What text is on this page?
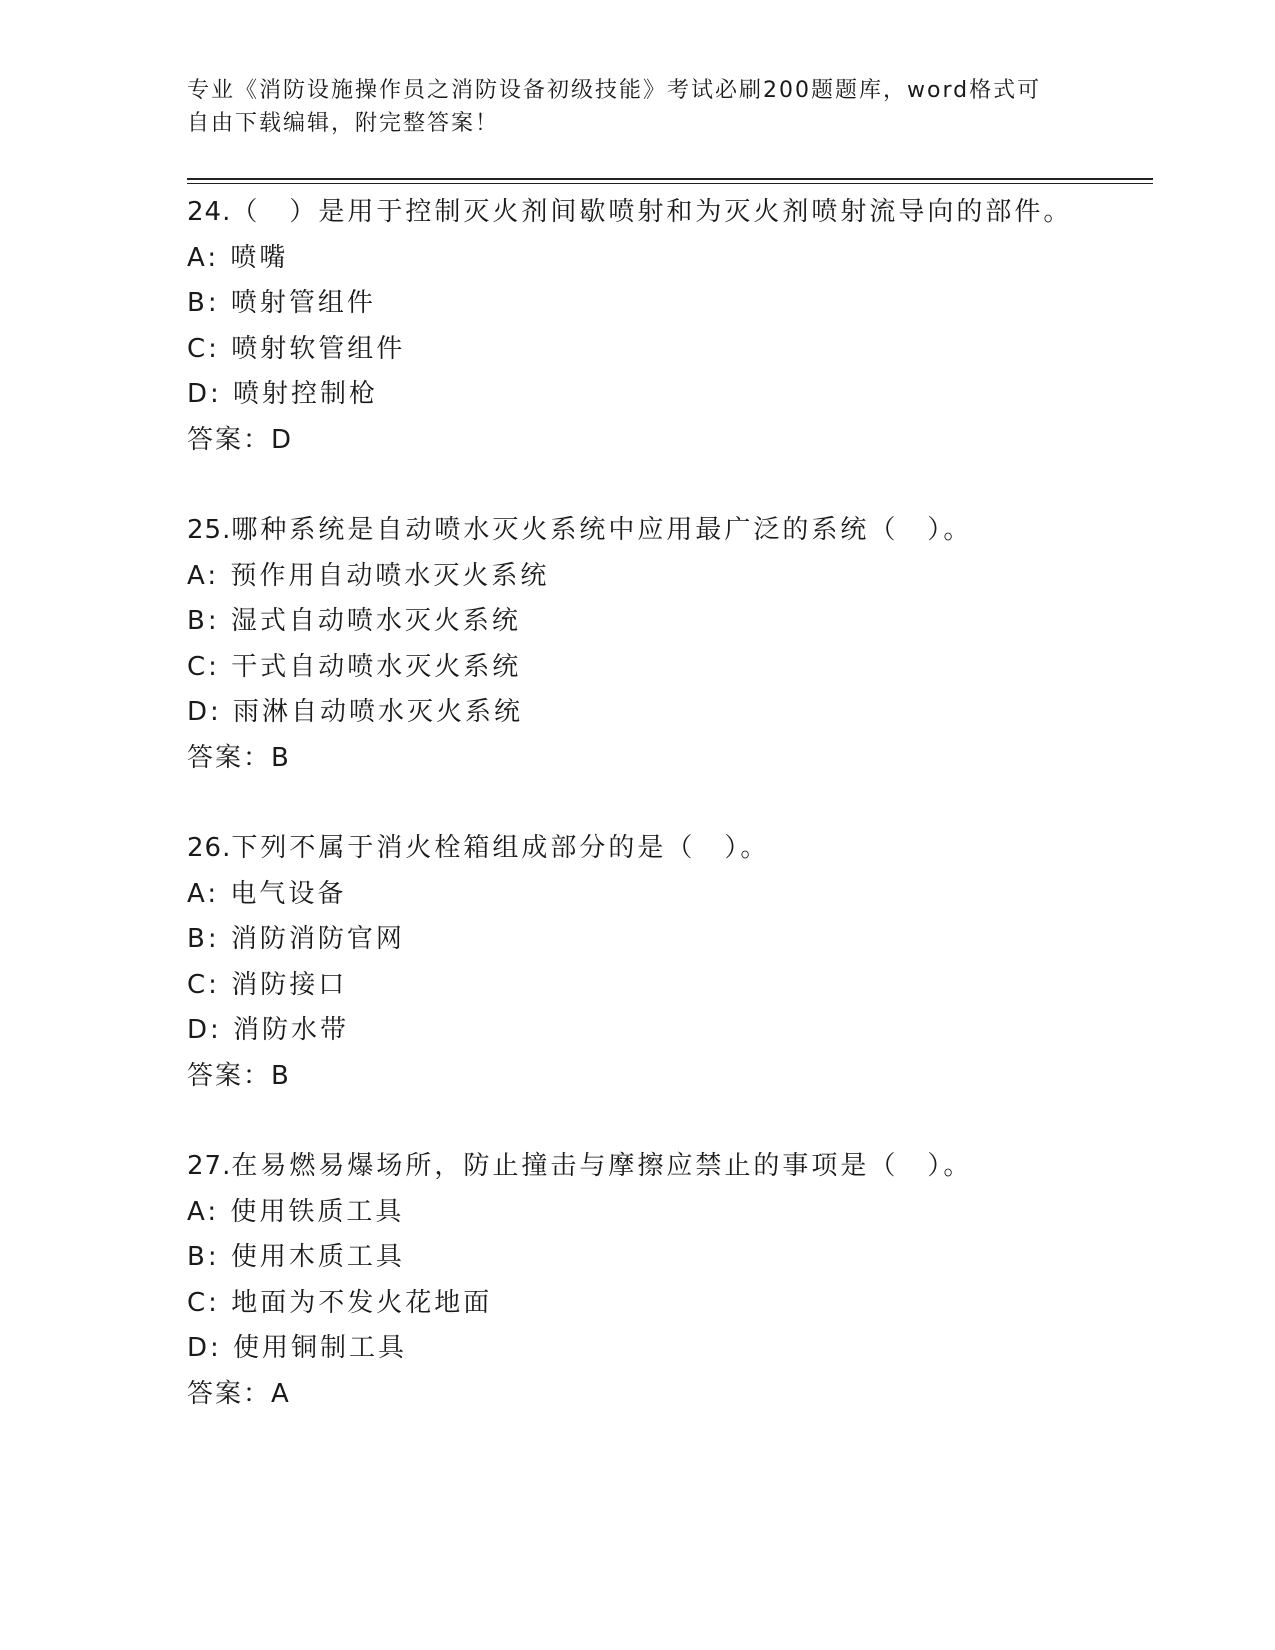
专业《消防设施操作员之消防设备初级技能》考试必刷200题题库，word格式可
自由下载编辑，附完整答案！
24.（　）是用于控制灭火剂间歇喷射和为灭火剂喷射流导向的部件。
A: 喷嘴
B: 喷射管组件
C: 喷射软管组件
D: 喷射控制枪
答案：D
25.哪种系统是自动喷水灭火系统中应用最广泛的系统（　）。
A: 预作用自动喷水灭火系统
B: 湿式自动喷水灭火系统
C: 干式自动喷水灭火系统
D: 雨淋自动喷水灭火系统
答案：B
26.下列不属于消火栓箱组成部分的是（　）。
A: 电气设备
B: 消防消防官网
C: 消防接口
D: 消防水带
答案：B
27.在易燃易爆场所，防止撞击与摩擦应禁止的事项是（　）。
A: 使用铁质工具
B: 使用木质工具
C: 地面为不发火花地面
D: 使用铜制工具
答案：A
